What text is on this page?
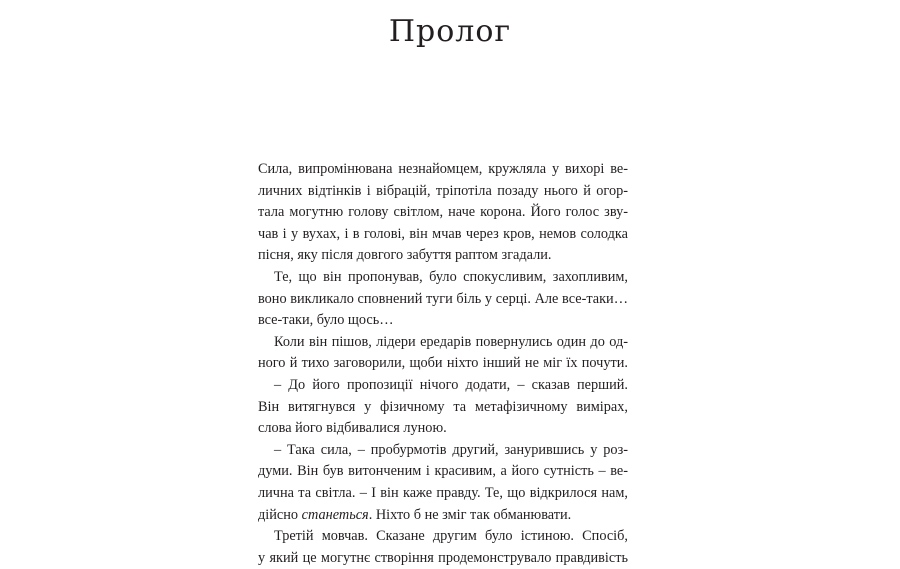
Пролог
Сила, випромінювана незнайомцем, кружляла у вихорі ве-
личних відтінків і вібрацій, тріпотіла позаду нього й огор-
тала могутню голову світлом, наче корона. Його голос зву-
чав і у вухах, і в голові, він мчав через кров, немов солодка
пісня, яку після довгого забуття раптом згадали.
Те, що він пропонував, було спокусливим, захопливим,
воно викликало сповнений туги біль у серці. Але все-таки…
все-таки, було щось…
Коли він пішов, лідери ередарів повернулись один до од-
ного й тихо заговорили, щоби ніхто інший не міг їх почути.
– До його пропозиції нічого додати, – сказав перший.
Він витягнувся у фізичному та метафізичному вимірах,
слова його відбивалися луною.
– Така сила, – пробурмотів другий, занурившись у роз-
думи. Він був витонченим і красивим, а його сутність – ве-
лична та світла. – І він каже правду. Те, що відкрилося нам,
дійсно станеться. Ніхто б не зміг так обманювати.
Третій мовчав. Сказане другим було істиною. Спосіб,
у який це могутнє створіння продемонструвало правдивість
